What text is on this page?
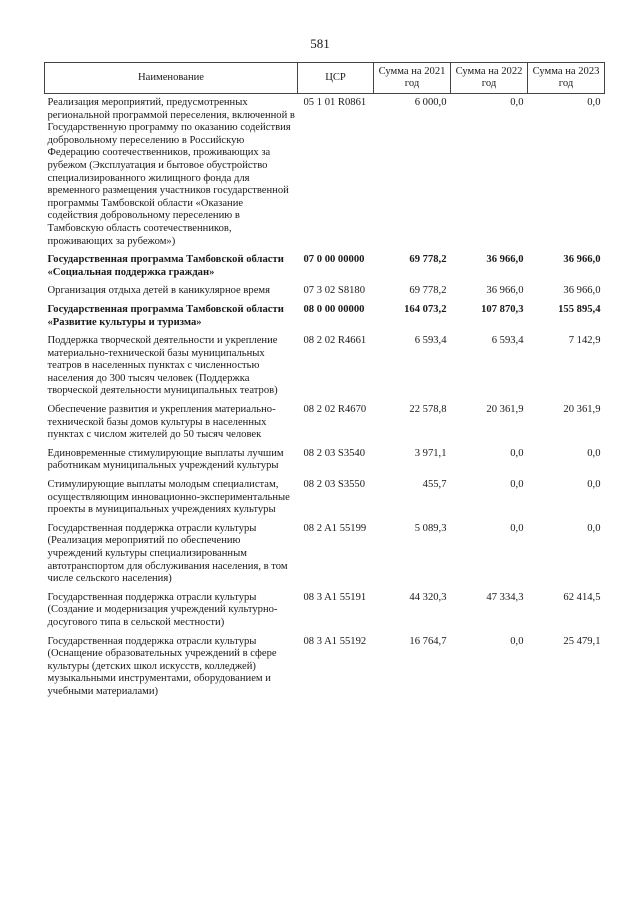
581
Наименование	ЦСР	Сумма на 2021 год	Сумма на 2022 год	Сумма на 2023 год
Реализация мероприятий, предусмотренных региональной программой переселения, включенной в Государственную программу по оказанию содействия добровольному переселению в Российскую Федерацию соотечественников, проживающих за рубежом (Эксплуатация и бытовое обустройство специализированного жилищного фонда для временного размещения участников государственной программы Тамбовской области «Оказание содействия добровольному переселению в Тамбовскую область соотечественников, проживающих за рубежом»)	05 1 01 R0861	6 000,0	0,0	0,0
Государственная программа Тамбовской области «Социальная поддержка граждан»	07 0 00 00000	69 778,2	36 966,0	36 966,0
Организация отдыха детей в каникулярное время	07 3 02 S8180	69 778,2	36 966,0	36 966,0
Государственная программа Тамбовской области «Развитие культуры и туризма»	08 0 00 00000	164 073,2	107 870,3	155 895,4
Поддержка творческой деятельности и укрепление материально-технической базы муниципальных театров в населенных пунктах с численностью населения до 300 тысяч человек (Поддержка творческой деятельности муниципальных театров)	08 2 02 R4661	6 593,4	6 593,4	7 142,9
Обеспечение развития и укрепления материально-технической базы домов культуры в населенных пунктах с числом жителей до 50 тысяч человек	08 2 02 R4670	22 578,8	20 361,9	20 361,9
Единовременные стимулирующие выплаты лучшим работникам муниципальных учреждений культуры	08 2 03 S3540	3 971,1	0,0	0,0
Стимулирующие выплаты молодым специалистам, осуществляющим инновационно-экспериментальные проекты в муниципальных учреждениях культуры	08 2 03 S3550	455,7	0,0	0,0
Государственная поддержка отрасли культуры (Реализация мероприятий по обеспечению учреждений культуры специализированным автотранспортом для обслуживания населения, в том числе сельского населения)	08 2 A1 55199	5 089,3	0,0	0,0
Государственная поддержка отрасли культуры (Создание и модернизация учреждений культурно-досугового типа в сельской местности)	08 3 A1 55191	44 320,3	47 334,3	62 414,5
Государственная поддержка отрасли культуры (Оснащение образовательных учреждений в сфере культуры (детских школ искусств, колледжей) музыкальными инструментами, оборудованием и учебными материалами)	08 3 A1 55192	16 764,7	0,0	25 479,1
